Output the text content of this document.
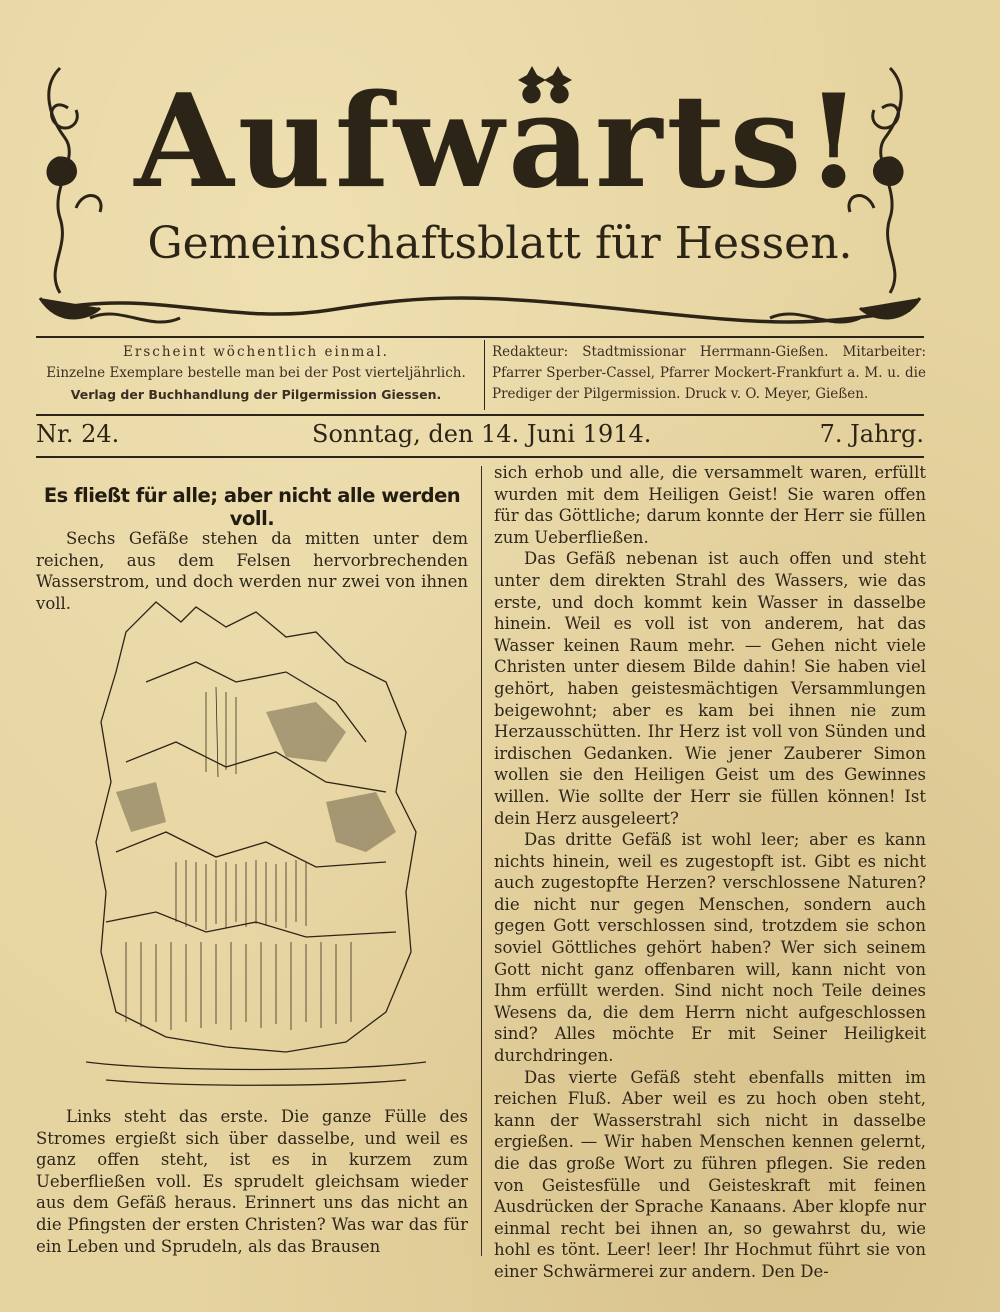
Aufwärts!
Gemeinschaftsblatt für Hessen.
Erscheint wöchentlich einmal.
Einzelne Exemplare bestelle man bei der Post vierteljährlich.
Verlag der Buchhandlung der Pilgermission Giessen.
Redakteur: Stadtmissionar Herrmann-Gießen. Mitarbeiter: Pfarrer Sperber-Cassel, Pfarrer Mockert-Frankfurt a. M. u. die Prediger der Pilgermission. Druck v. O. Meyer, Gießen.
Nr. 24.	Sonntag, den 14. Juni 1914.	7. Jahrg.
Es fließt für alle; aber nicht alle werden voll.

Sechs Gefäße stehen da mitten unter dem reichen, aus dem Felsen hervorbrechenden Wasserstrom, und doch werden nur zwei von ihnen voll.

Links steht das erste. Die ganze Fülle des Stromes ergießt sich über dasselbe, und weil es ganz offen steht, ist es in kurzem zum Ueberfließen voll. Es sprudelt gleichsam wieder aus dem Gefäß heraus. Erinnert uns das nicht an die Pfingsten der ersten Christen? Was war das für ein Leben und Sprudeln, als das Brausen

sich erhob und alle, die versammelt waren, erfüllt wurden mit dem Heiligen Geist! Sie waren offen für das Göttliche; darum konnte der Herr sie füllen zum Ueberfließen.

Das Gefäß nebenan ist auch offen und steht unter dem direkten Strahl des Wassers, wie das erste, und doch kommt kein Wasser in dasselbe hinein. Weil es voll ist von anderem, hat das Wasser keinen Raum mehr. — Gehen nicht viele Christen unter diesem Bilde dahin! Sie haben viel gehört, haben geistesmächtigen Versammlungen beigewohnt; aber es kam bei ihnen nie zum Herzausschütten. Ihr Herz ist voll von Sünden und irdischen Gedanken. Wie jener Zauberer Simon wollen sie den Heiligen Geist um des Gewinnes willen. Wie sollte der Herr sie füllen können! Ist dein Herz ausgeleert?

Das dritte Gefäß ist wohl leer; aber es kann nichts hinein, weil es zugestopft ist. Gibt es nicht auch zugestopfte Herzen? verschlossene Naturen? die nicht nur gegen Menschen, sondern auch gegen Gott verschlossen sind, trotzdem sie schon soviel Göttliches gehört haben? Wer sich seinem Gott nicht ganz offenbaren will, kann nicht von Ihm erfüllt werden. Sind nicht noch Teile deines Wesens da, die dem Herrn nicht aufgeschlossen sind? Alles möchte Er mit Seiner Heiligkeit durchdringen.

Das vierte Gefäß steht ebenfalls mitten im reichen Fluß. Aber weil es zu hoch oben steht, kann der Wasserstrahl sich nicht in dasselbe ergießen. — Wir haben Menschen kennen gelernt, die das große Wort zu führen pflegen. Sie reden von Geistesfülle und Geisteskraft mit feinen Ausdrücken der Sprache Kanaans. Aber klopfe nur einmal recht bei ihnen an, so gewahrst du, wie hohl es tönt. Leer! leer! Ihr Hochmut führt sie von einer Schwärmerei zur andern. Den De-
